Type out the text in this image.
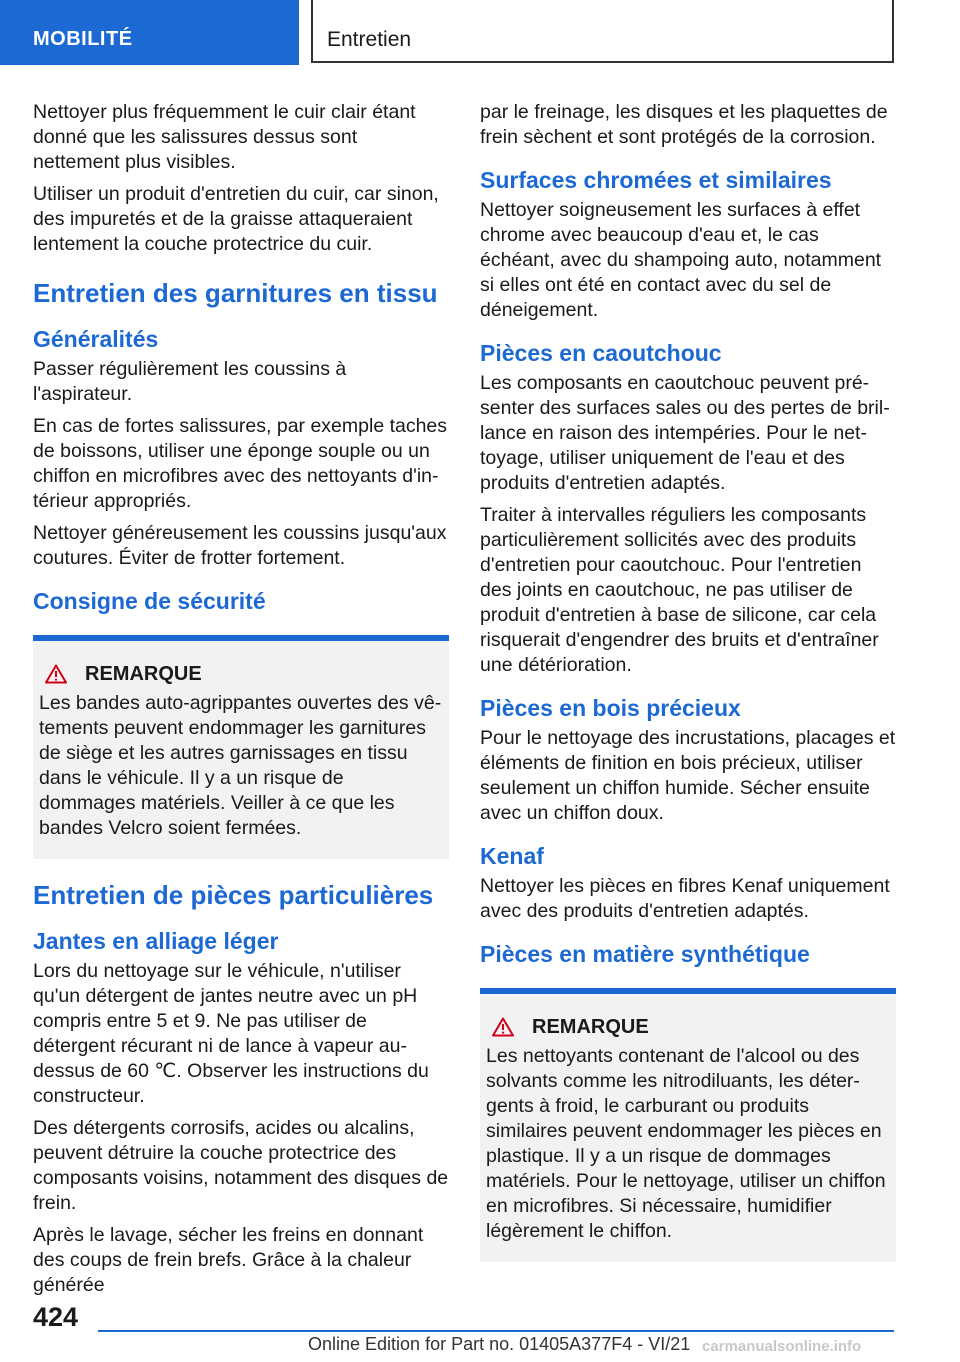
MOBILITÉ	Entretien

Nettoyer plus fréquemment le cuir clair étant donné que les salissures dessus sont nettement plus visibles.

Utiliser un produit d'entretien du cuir, car sinon, des impuretés et de la graisse attaqueraient lentement la couche protectrice du cuir.

Entretien des garnitures en tissu
Généralités

Passer régulièrement les coussins à l'aspirateur.

En cas de fortes salissures, par exemple taches de boissons, utiliser une éponge souple ou un chiffon en microfibres avec des nettoyants d'intérieur appropriés.

Nettoyer généreusement les coussins jusqu'aux coutures. Éviter de frotter fortement.

Consigne de sécurité
REMARQUE

Les bandes auto-agrippantes ouvertes des vêtements peuvent endommager les garnitures de siège et les autres garnissages en tissu dans le véhicule. Il y a un risque de dommages matériels. Veiller à ce que les bandes Velcro soient fermées.

Entretien de pièces particulières
Jantes en alliage léger

Lors du nettoyage sur le véhicule, n'utiliser qu'un détergent de jantes neutre avec un pH compris entre 5 et 9. Ne pas utiliser de détergent récurant ni de lance à vapeur au-dessus de 60 ℃. Observer les instructions du constructeur.

Des détergents corrosifs, acides ou alcalins, peuvent détruire la couche protectrice des composants voisins, notamment des disques de frein.

Après le lavage, sécher les freins en donnant des coups de frein brefs. Grâce à la chaleur générée

par le freinage, les disques et les plaquettes de frein sèchent et sont protégés de la corrosion.

Surfaces chromées et similaires

Nettoyer soigneusement les surfaces à effet chrome avec beaucoup d'eau et, le cas échéant, avec du shampoing auto, notamment si elles ont été en contact avec du sel de déneigement.

Pièces en caoutchouc

Les composants en caoutchouc peuvent présenter des surfaces sales ou des pertes de brillance en raison des intempéries. Pour le nettoyage, utiliser uniquement de l'eau et des produits d'entretien adaptés.

Traiter à intervalles réguliers les composants particulièrement sollicités avec des produits d'entretien pour caoutchouc. Pour l'entretien des joints en caoutchouc, ne pas utiliser de produit d'entretien à base de silicone, car cela risquerait d'engendrer des bruits et d'entraîner une détérioration.

Pièces en bois précieux

Pour le nettoyage des incrustations, placages et éléments de finition en bois précieux, utiliser seulement un chiffon humide. Sécher ensuite avec un chiffon doux.

Kenaf

Nettoyer les pièces en fibres Kenaf uniquement avec des produits d'entretien adaptés.

Pièces en matière synthétique
REMARQUE

Les nettoyants contenant de l'alcool ou des solvants comme les nitrodiluants, les détergents à froid, le carburant ou produits similaires peuvent endommager les pièces en plastique. Il y a un risque de dommages matériels. Pour le nettoyage, utiliser un chiffon en microfibres. Si nécessaire, humidifier légèrement le chiffon.

424
Online Edition for Part no. 01405A377F4 - VI/21 carmanualsonline.info
